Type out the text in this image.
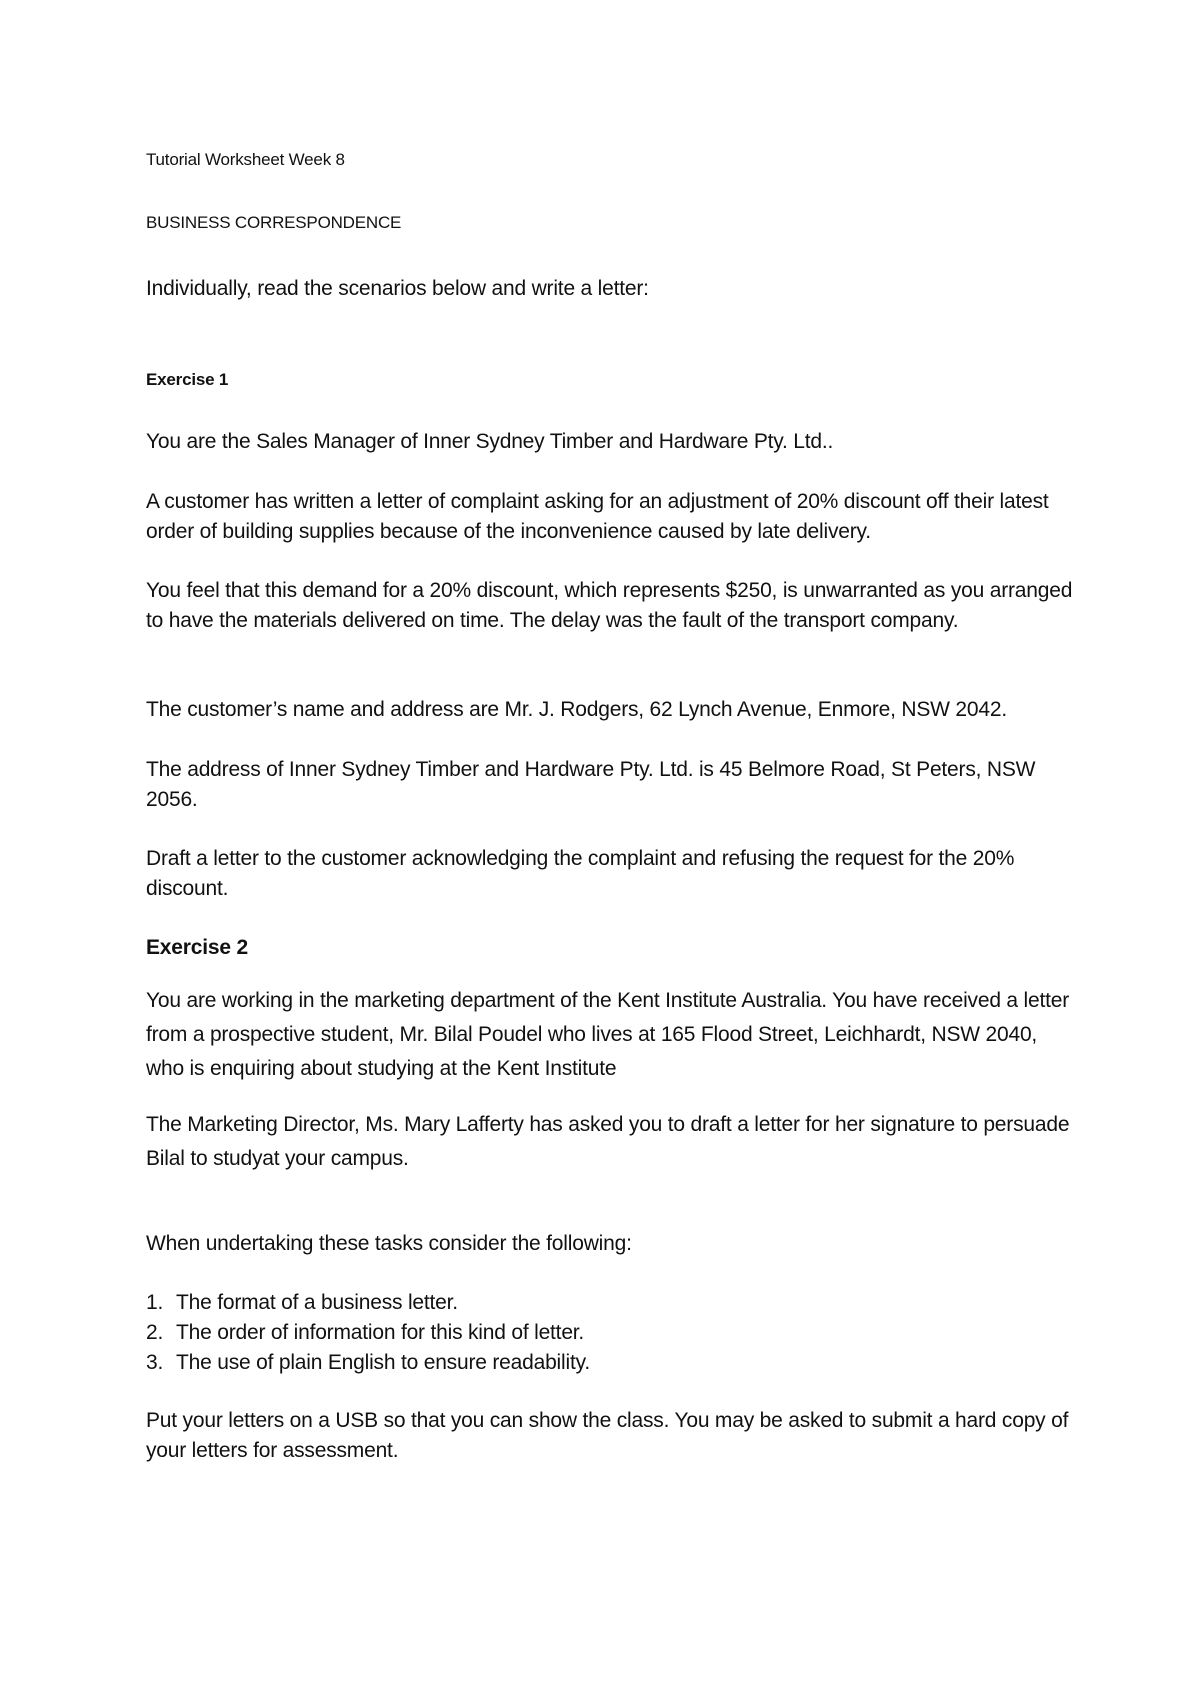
Tutorial Worksheet Week 8

BUSINESS CORRESPONDENCE

Individually, read the scenarios below and write a letter:

Exercise 1

You are the Sales Manager of Inner Sydney Timber and Hardware Pty. Ltd..

A customer has written a letter of complaint asking for an adjustment of 20% discount off their latest order of building supplies because of the inconvenience caused by late delivery.

You feel that this demand for a 20% discount, which represents $250, is unwarranted as you arranged to have the materials delivered on time. The delay was the fault of the transport company.

The customer’s name and address are Mr. J. Rodgers, 62 Lynch Avenue, Enmore, NSW 2042.

The address of Inner Sydney Timber and Hardware Pty. Ltd. is 45 Belmore Road, St Peters, NSW 2056.

Draft a letter to the customer acknowledging the complaint and refusing the request for the 20% discount.

Exercise 2

You are working in the marketing department of the Kent Institute Australia. You have received a letter from a prospective student, Mr. Bilal Poudel who lives at 165 Flood Street, Leichhardt, NSW 2040, who is enquiring about studying at the Kent Institute

The Marketing Director, Ms. Mary Lafferty has asked you to draft a letter for her signature to persuade Bilal to studyat your campus.

When undertaking these tasks consider the following:

1. The format of a business letter.
2. The order of information for this kind of letter.
3. The use of plain English to ensure readability.

Put your letters on a USB so that you can show the class. You may be asked to submit a hard copy of your letters for assessment.
